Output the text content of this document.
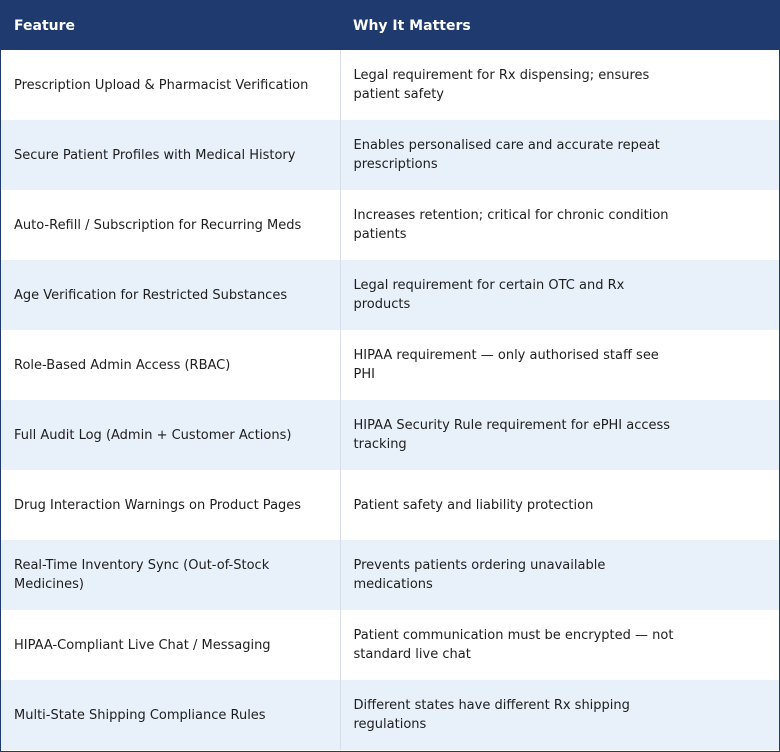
Feature	Why It Matters
Prescription Upload & Pharmacist Verification	Legal requirement for Rx dispensing; ensures patient safety

Secure Patient Profiles with Medical History	Enables personalised care and accurate repeat prescriptions

Auto-Refill / Subscription for Recurring Meds	Increases retention; critical for chronic condition patients

Age Verification for Restricted Substances	Legal requirement for certain OTC and Rx products

Role-Based Admin Access (RBAC)	HIPAA requirement — only authorised staff see PHI

Full Audit Log (Admin + Customer Actions)	HIPAA Security Rule requirement for ePHI access tracking

Drug Interaction Warnings on Product Pages	Patient safety and liability protection

Real-Time Inventory Sync (Out-of-Stock Medicines)	Prevents patients ordering unavailable medications

HIPAA-Compliant Live Chat / Messaging	Patient communication must be encrypted — not standard live chat

Multi-State Shipping Compliance Rules	Different states have different Rx shipping regulations
